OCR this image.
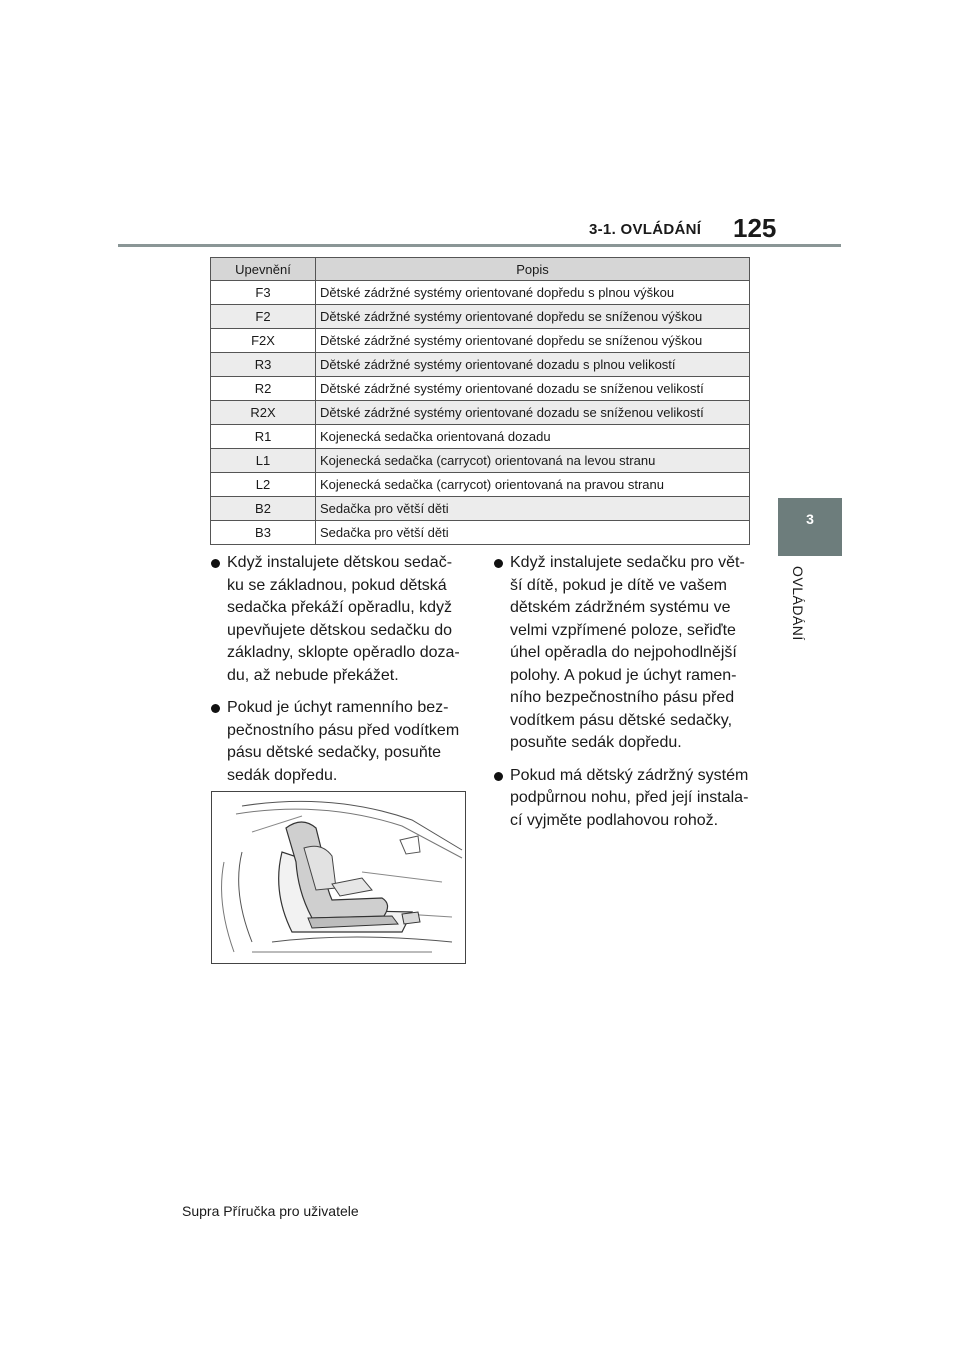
3-1. OVLÁDÁNÍ 125
3
OVLÁDÁNÍ
Upevnění	Popis
F3	Dětské zádržné systémy orientované dopředu s plnou výškou
F2	Dětské zádržné systémy orientované dopředu se sníženou výškou
F2X	Dětské zádržné systémy orientované dopředu se sníženou výškou
R3	Dětské zádržné systémy orientované dozadu s plnou velikostí
R2	Dětské zádržné systémy orientované dozadu se sníženou velikostí
R2X	Dětské zádržné systémy orientované dozadu se sníženou velikostí
R1	Kojenecká sedačka orientovaná dozadu
L1	Kojenecká sedačka (carrycot) orientovaná na levou stranu
L2	Kojenecká sedačka (carrycot) orientovaná na pravou stranu
B2	Sedačka pro větší děti
B3	Sedačka pro větší děti
Když instalujete dětskou sedač-ku se základnou, pokud dětská sedačka překáží opěradlu, když upevňujete dětskou sedačku do základny, sklopte opěradlo doza-du, až nebude překážet.
Pokud je úchyt ramenního bez-pečnostního pásu před vodítkem pásu dětské sedačky, posuňte sedák dopředu.
Když instalujete sedačku pro vět-ší dítě, pokud je dítě ve vašem dětském zádržném systému ve velmi vzpřímené poloze, seřiďte úhel opěradla do nejpohodlnější polohy. A pokud je úchyt ramen-ního bezpečnostního pásu před vodítkem pásu dětské sedačky, posuňte sedák dopředu.
Pokud má dětský zádržný systém podpůrnou nohu, před její instala-cí vyjměte podlahovou rohož.
Supra Příručka pro uživatele
